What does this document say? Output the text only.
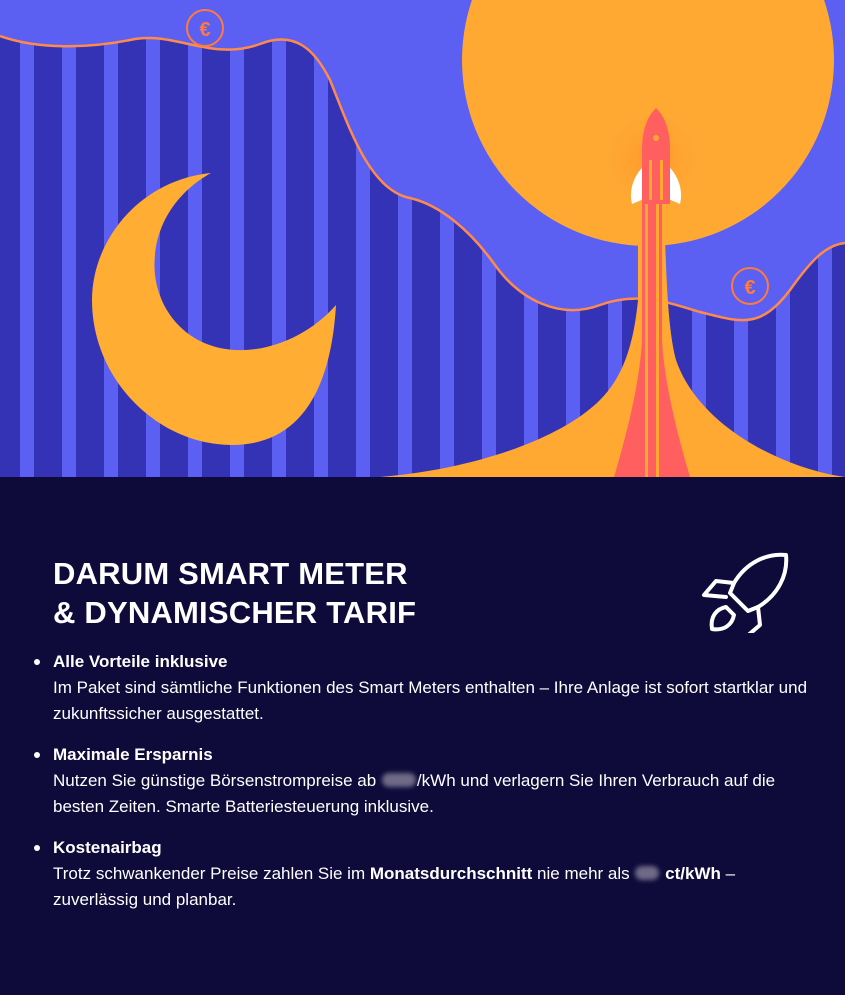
€
€
DARUM SMART METER
& DYNAMISCHER TARIF
Alle Vorteile inklusive
Im Paket sind sämtliche Funktionen des Smart Meters enthalten – Ihre Anlage ist sofort startklar und zukunftssicher ausgestattet.
Maximale Ersparnis
Nutzen Sie günstige Börsenstrompreise ab /kWh und verlagern Sie Ihren Verbrauch auf die besten Zeiten. Smarte Batteriesteuerung inklusive.
Kostenairbag
Trotz schwankender Preise zahlen Sie im Monatsdurchschnitt nie mehr als ct/kWh – zuverlässig und planbar.
